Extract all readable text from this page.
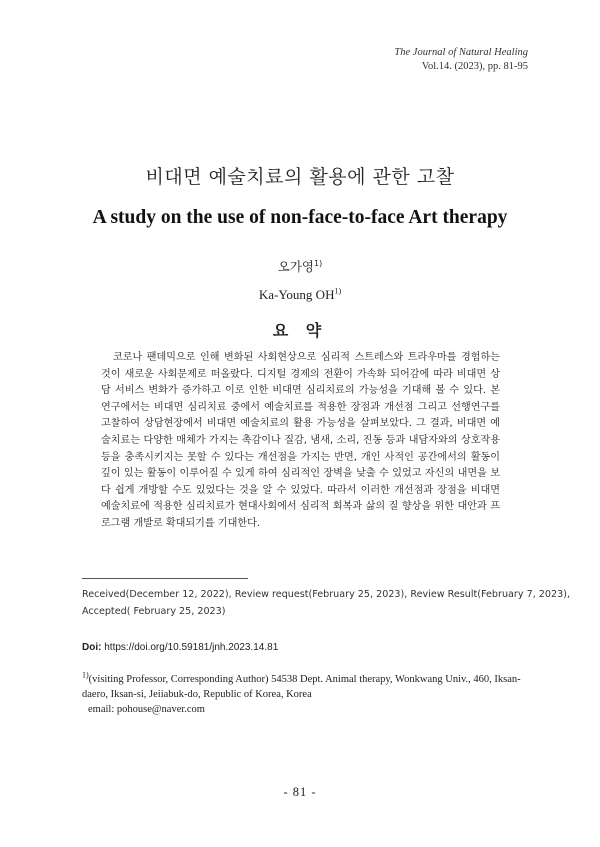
The Journal of Natural Healing
Vol.14. (2023), pp. 81-95
비대면 예술치료의 활용에 관한 고찰
A study on the use of non-face-to-face Art therapy
오가영$^{1)}$
Ka-Young OH$^{1)}$
요 약
코로나 팬데믹으로 인해 변화된 사회현상으로 심리적 스트레스와 트라우마를 경험하는 것이 새로운 사회문제로 떠올랐다. 디지털 경제의 전환이 가속화 되어감에 따라 비대면 상담 서비스 변화가 증가하고 이로 인한 비대면 심리치료의 가능성을 기대해 볼 수 있다. 본 연구에서는 비대면 심리치료 중에서 예술치료를 적용한 장점과 개선점 그리고 선행연구를 고찰하여 상담현장에서 비대면 예술치료의 활용 가능성을 살펴보았다. 그 결과, 비대면 예술치료는 다양한 매체가 가지는 촉감이나 질감, 냄새, 소리, 진동 등과 내담자와의 상호작용 등을 충족시키지는 못할 수 있다는 개선점을 가지는 반면, 개인 사적인 공간에서의 활동이 깊이 있는 활동이 이루어질 수 있게 하여 심리적인 장벽을 낮출 수 있었고 자신의 내면을 보다 쉽게 개방할 수도 있었다는 것을 알 수 있었다. 따라서 이러한 개선점과 장점을 비대면 예술치료에 적용한 심리치료가 현대사회에서 심리적 회복과 삶의 질 향상을 위한 대안과 프로그램 개발로 확대되기를 기대한다.
Received(December 12, 2022), Review request(February 25, 2023), Review Result(February 7, 2023),
Accepted( February 25, 2023)
Doi: https://doi.org/10.59181/jnh.2023.14.81
$^{1)}$(visiting Professor, Corresponding Author) 54538 Dept. Animal therapy, Wonkwang Univ., 460, Iksan-daero, Iksan-si, Jeiiabuk-do, Republic of Korea, Korea
email: pohouse@naver.com
- 81 -
